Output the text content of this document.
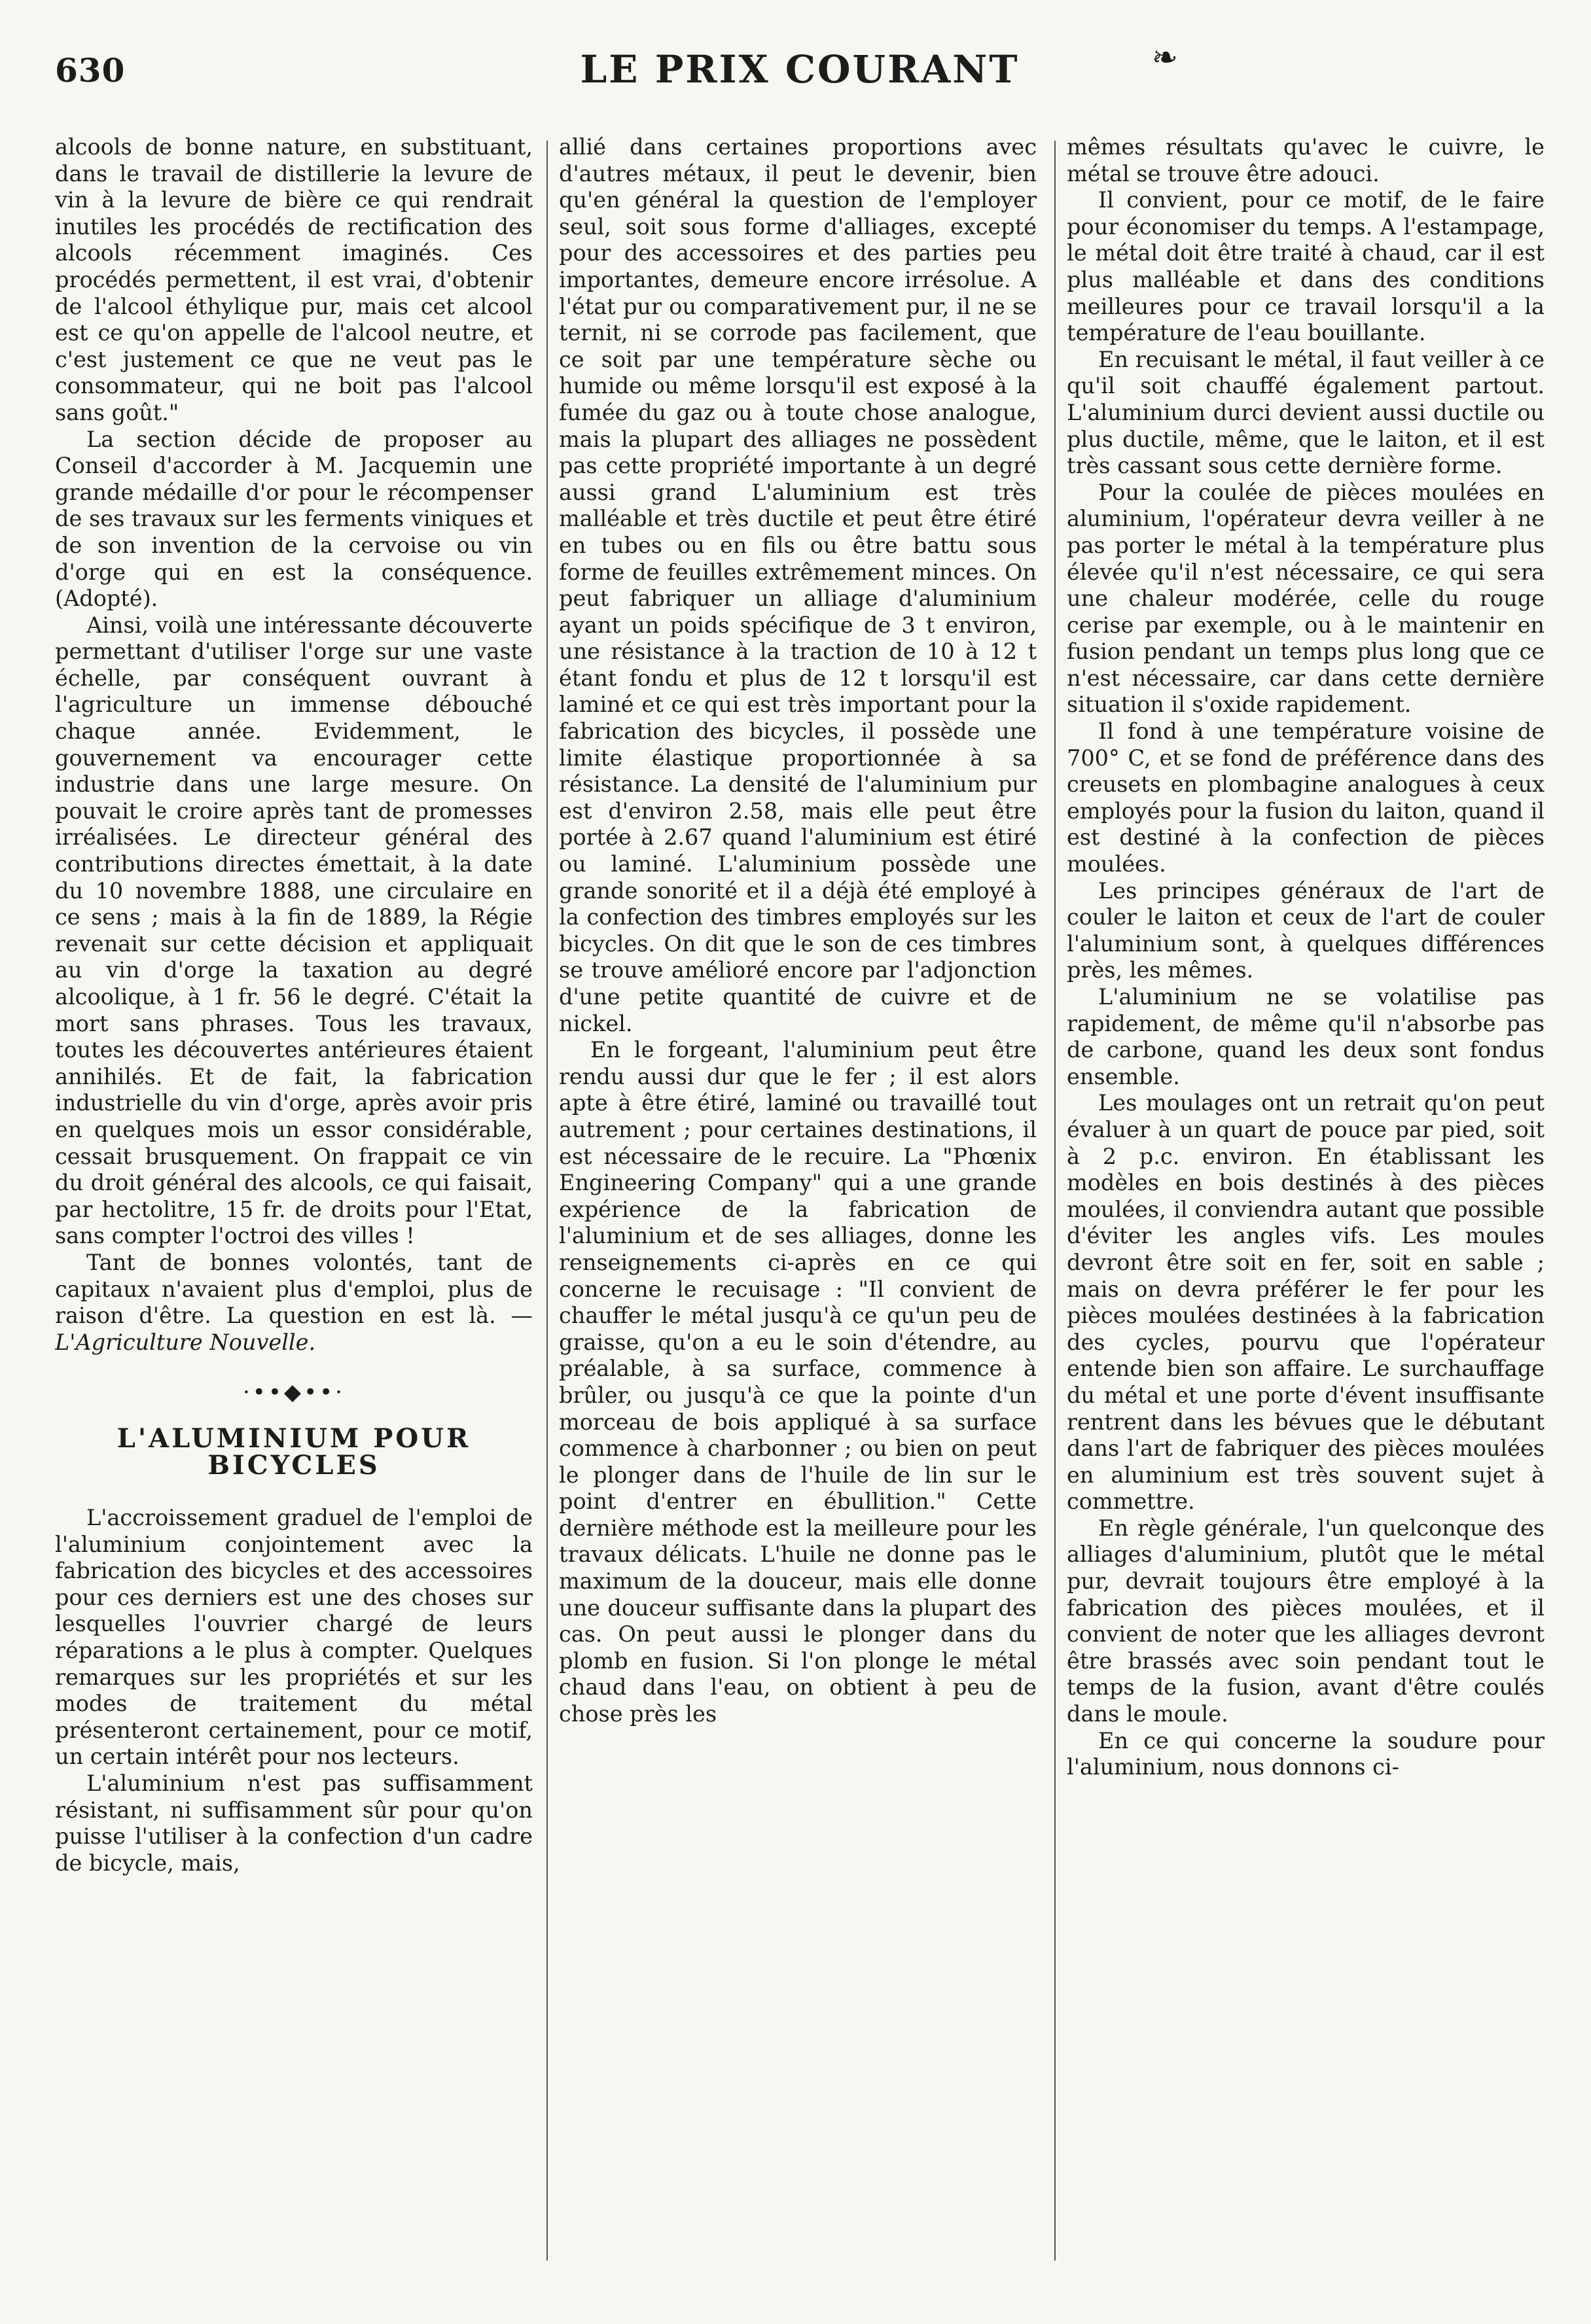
630	LE PRIX COURANT	❧

alcools de bonne nature, en substituant, dans le travail de distillerie la levure de vin à la levure de bière ce qui rendrait inutiles les procédés de rectification des alcools récemment imaginés. Ces procédés permettent, il est vrai, d'obtenir de l'alcool éthylique pur, mais cet alcool est ce qu'on appelle de l'alcool neutre, et c'est justement ce que ne veut pas le consommateur, qui ne boit pas l'alcool sans goût."

La section décide de proposer au Conseil d'accorder à M. Jacquemin une grande médaille d'or pour le récompenser de ses travaux sur les ferments viniques et de son invention de la cervoise ou vin d'orge qui en est la conséquence. (Adopté).

Ainsi, voilà une intéressante découverte permettant d'utiliser l'orge sur une vaste échelle, par conséquent ouvrant à l'agriculture un immense débouché chaque année. Evidemment, le gouvernement va encourager cette industrie dans une large mesure. On pouvait le croire après tant de promesses irréalisées. Le directeur général des contributions directes émettait, à la date du 10 novembre 1888, une circulaire en ce sens ; mais à la fin de 1889, la Régie revenait sur cette décision et appliquait au vin d'orge la taxation au degré alcoolique, à 1 fr. 56 le degré. C'était la mort sans phrases. Tous les travaux, toutes les découvertes antérieures étaient annihilés. Et de fait, la fabrication industrielle du vin d'orge, après avoir pris en quelques mois un essor considérable, cessait brusquement. On frappait ce vin du droit général des alcools, ce qui faisait, par hectolitre, 15 fr. de droits pour l'Etat, sans compter l'octroi des villes !

Tant de bonnes volontés, tant de capitaux n'avaient plus d'emploi, plus de raison d'être. La question en est là. —L'Agriculture Nouvelle.

·••◆••·

L'ALUMINIUM POUR BICYCLES

L'accroissement graduel de l'emploi de l'aluminium conjointement avec la fabrication des bicycles et des accessoires pour ces derniers est une des choses sur lesquelles l'ouvrier chargé de leurs réparations a le plus à compter. Quelques remarques sur les propriétés et sur les modes de traitement du métal présenteront certainement, pour ce motif, un certain intérêt pour nos lecteurs.

L'aluminium n'est pas suffisamment résistant, ni suffisamment sûr pour qu'on puisse l'utiliser à la confection d'un cadre de bicycle, mais,

allié dans certaines proportions avec d'autres métaux, il peut le devenir, bien qu'en général la question de l'employer seul, soit sous forme d'alliages, excepté pour des accessoires et des parties peu importantes, demeure encore irrésolue. A l'état pur ou comparativement pur, il ne se ternit, ni se corrode pas facilement, que ce soit par une température sèche ou humide ou même lorsqu'il est exposé à la fumée du gaz ou à toute chose analogue, mais la plupart des alliages ne possèdent pas cette propriété importante à un degré aussi grand L'aluminium est très malléable et très ductile et peut être étiré en tubes ou en fils ou être battu sous forme de feuilles extrêmement minces. On peut fabriquer un alliage d'aluminium ayant un poids spécifique de 3 t environ, une résistance à la traction de 10 à 12 t étant fondu et plus de 12 t lorsqu'il est laminé et ce qui est très important pour la fabrication des bicycles, il possède une limite élastique proportionnée à sa résistance. La densité de l'aluminium pur est d'environ 2.58, mais elle peut être portée à 2.67 quand l'aluminium est étiré ou laminé. L'aluminium possède une grande sonorité et il a déjà été employé à la confection des timbres employés sur les bicycles. On dit que le son de ces timbres se trouve amélioré encore par l'adjonction d'une petite quantité de cuivre et de nickel.

En le forgeant, l'aluminium peut être rendu aussi dur que le fer ; il est alors apte à être étiré, laminé ou travaillé tout autrement ; pour certaines destinations, il est nécessaire de le recuire. La "Phœnix Engineering Company" qui a une grande expérience de la fabrication de l'aluminium et de ses alliages, donne les renseignements ci-après en ce qui concerne le recuisage : "Il convient de chauffer le métal jusqu'à ce qu'un peu de graisse, qu'on a eu le soin d'étendre, au préalable, à sa surface, commence à brûler, ou jusqu'à ce que la pointe d'un morceau de bois appliqué à sa surface commence à charbonner ; ou bien on peut le plonger dans de l'huile de lin sur le point d'entrer en ébullition." Cette dernière méthode est la meilleure pour les travaux délicats. L'huile ne donne pas le maximum de la douceur, mais elle donne une douceur suffisante dans la plupart des cas. On peut aussi le plonger dans du plomb en fusion. Si l'on plonge le métal chaud dans l'eau, on obtient à peu de chose près les

mêmes résultats qu'avec le cuivre, le métal se trouve être adouci.

Il convient, pour ce motif, de le faire pour économiser du temps. A l'estampage, le métal doit être traité à chaud, car il est plus malléable et dans des conditions meilleures pour ce travail lorsqu'il a la température de l'eau bouillante.

En recuisant le métal, il faut veiller à ce qu'il soit chauffé également partout. L'aluminium durci devient aussi ductile ou plus ductile, même, que le laiton, et il est très cassant sous cette dernière forme.

Pour la coulée de pièces moulées en aluminium, l'opérateur devra veiller à ne pas porter le métal à la température plus élevée qu'il n'est nécessaire, ce qui sera une chaleur modérée, celle du rouge cerise par exemple, ou à le maintenir en fusion pendant un temps plus long que ce n'est nécessaire, car dans cette dernière situation il s'oxide rapidement.

Il fond à une température voisine de 700° C, et se fond de préférence dans des creusets en plombagine analogues à ceux employés pour la fusion du laiton, quand il est destiné à la confection de pièces moulées.

Les principes généraux de l'art de couler le laiton et ceux de l'art de couler l'aluminium sont, à quelques différences près, les mêmes.

L'aluminium ne se volatilise pas rapidement, de même qu'il n'absorbe pas de carbone, quand les deux sont fondus ensemble.

Les moulages ont un retrait qu'on peut évaluer à un quart de pouce par pied, soit à 2 p.c. environ. En établissant les modèles en bois destinés à des pièces moulées, il conviendra autant que possible d'éviter les angles vifs. Les moules devront être soit en fer, soit en sable ; mais on devra préférer le fer pour les pièces moulées destinées à la fabrication des cycles, pourvu que l'opérateur entende bien son affaire. Le surchauffage du métal et une porte d'évent insuffisante rentrent dans les bévues que le débutant dans l'art de fabriquer des pièces moulées en aluminium est très souvent sujet à commettre.

En règle générale, l'un quelconque des alliages d'aluminium, plutôt que le métal pur, devrait toujours être employé à la fabrication des pièces moulées, et il convient de noter que les alliages devront être brassés avec soin pendant tout le temps de la fusion, avant d'être coulés dans le moule.

En ce qui concerne la soudure pour l'aluminium, nous donnons ci-
